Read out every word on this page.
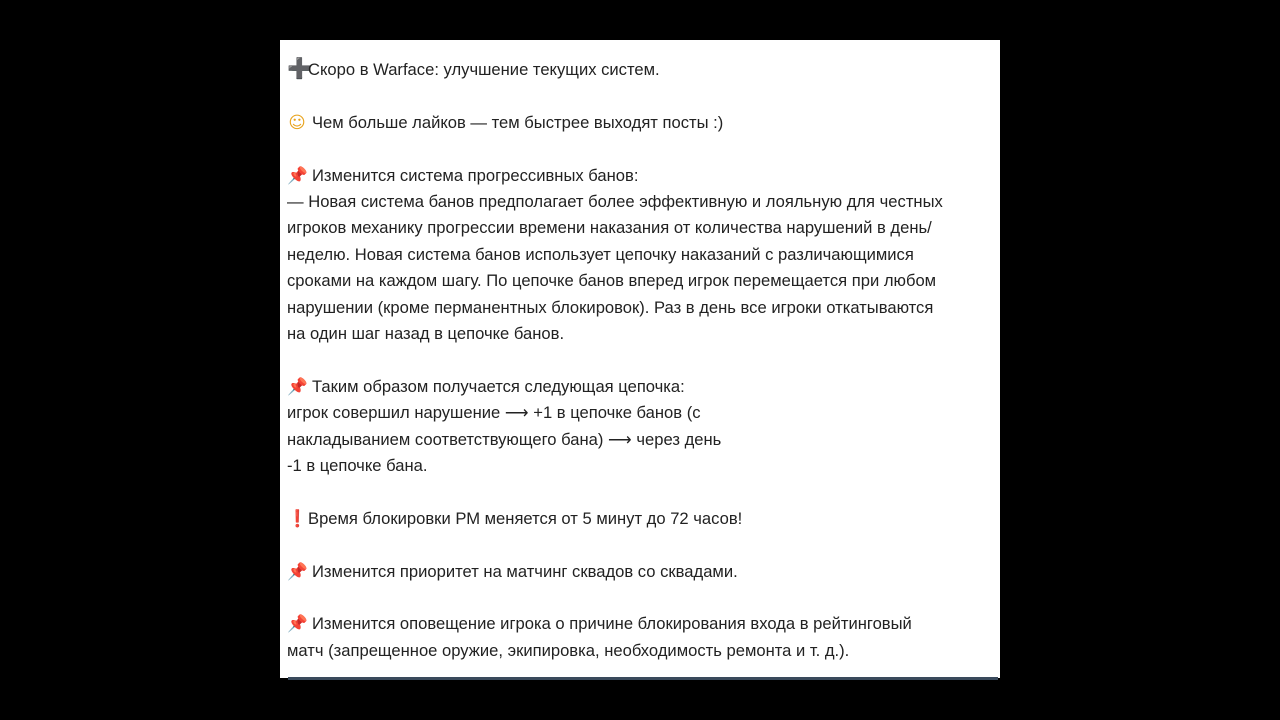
➕Скоро в Warface: улучшение текущих систем.
☺ Чем больше лайков — тем быстрее выходят посты :)
📌 Изменится система прогрессивных банов:
— Новая система банов предполагает более эффективную и лояльную для честных
игроков механику прогрессии времени наказания от количества нарушений в день/
неделю. Новая система банов использует цепочку наказаний с различающимися
сроками на каждом шагу. По цепочке банов вперед игрок перемещается при любом
нарушении (кроме перманентных блокировок). Раз в день все игроки откатываются
на один шаг назад в цепочке банов.
📌 Таким образом получается следующая цепочка:
игрок совершил нарушение ⟶ +1 в цепочке банов (с
накладыванием соответствующего бана) ⟶ через день
-1 в цепочке бана.
❗Время блокировки РМ меняется от 5 минут до 72 часов!
📌 Изменится приоритет на матчинг сквадов со сквадами.
📌 Изменится оповещение игрока о причине блокирования входа в рейтинговый
матч (запрещенное оружие, экипировка, необходимость ремонта и т. д.).
